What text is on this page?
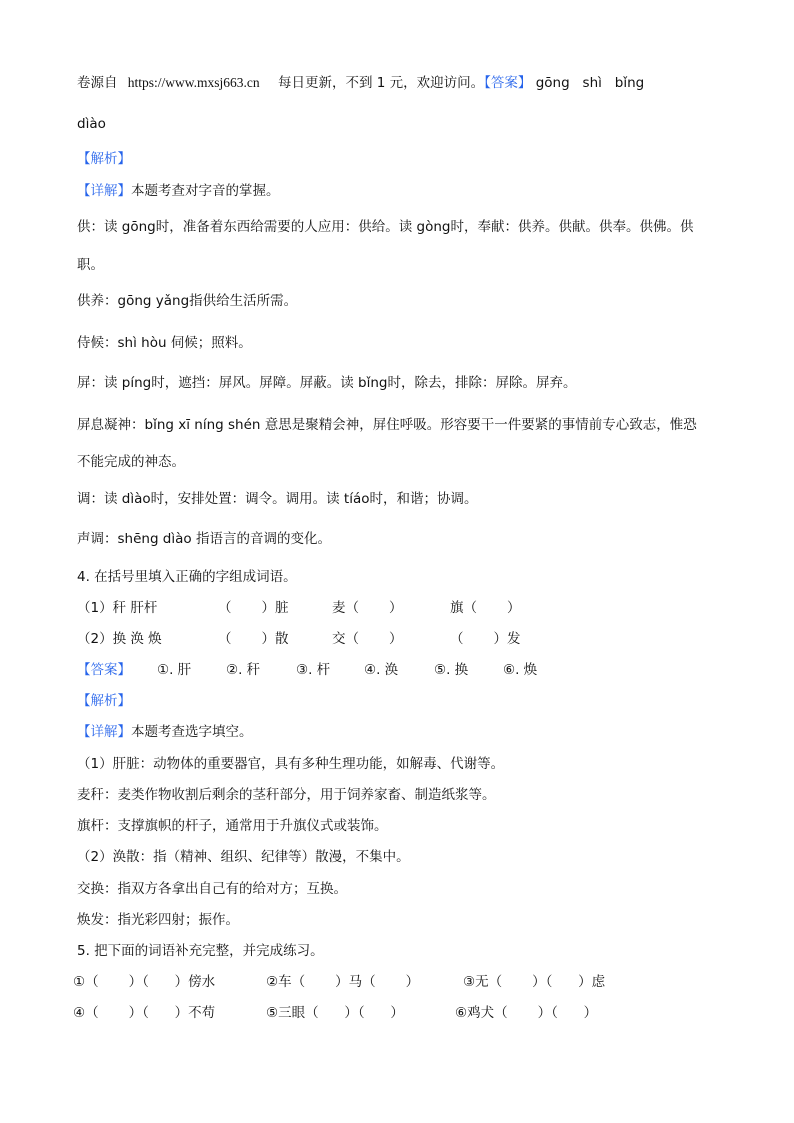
卷源自 https://www.mxsj663.cn 每日更新，不到 1 元，欢迎访问。【答案】 gōng   shì   bǐng
dìào
【解析】
【详解】本题考查对字音的掌握。
供：读 gōng时，准备着东西给需要的人应用：供给。读 gòng时，奉献：供养。供献。供奉。供佛。供
职。
供养：gōng yǎng指供给生活所需。
侍候：shì hòu 伺候；照料。
屏：读 píng时，遮挡：屏风。屏障。屏蔽。读 bǐng时，除去，排除：屏除。屏弃。
屏息凝神：bǐng xī níng shén 意思是聚精会神，屏住呼吸。形容要干一件要紧的事情前专心致志，惟恐
不能完成的神态。
调：读 dìào时，安排处置：调令。调用。读 tíáo时，和谐；协调。
声调：shēng dìào 指语言的音调的变化。
4. 在括号里填入正确的字组成词语。
（1）秆 肝杆	（       ）脏	麦（       ）	旗（       ）
（2）换 涣 焕	（       ）散	交（       ）	（       ）发
【答案】 ①. 肝	②. 秆	③. 杆	④. 涣	⑤. 换	⑥. 焕
【解析】
【详解】本题考查选字填空。
（1）肝脏：动物体的重要器官，具有多种生理功能，如解毒、代谢等。
麦秆：麦类作物收割后剩余的茎秆部分，用于饲养家畜、制造纸浆等。
旗杆：支撑旗帜的杆子，通常用于升旗仪式或装饰。
（2）涣散：指（精神、组织、纪律等）散漫，不集中。
交换：指双方各拿出自己有的给对方；互换。
焕发：指光彩四射；振作。
5. 把下面的词语补充完整，并完成练习。
①（       ）（      ）傍水	②车（       ）马（       ）	③无（       ）（      ）虑
④（       ）（      ）不苟	⑤三眼（      ）（      ）	⑥鸡犬（       ）（      ）
